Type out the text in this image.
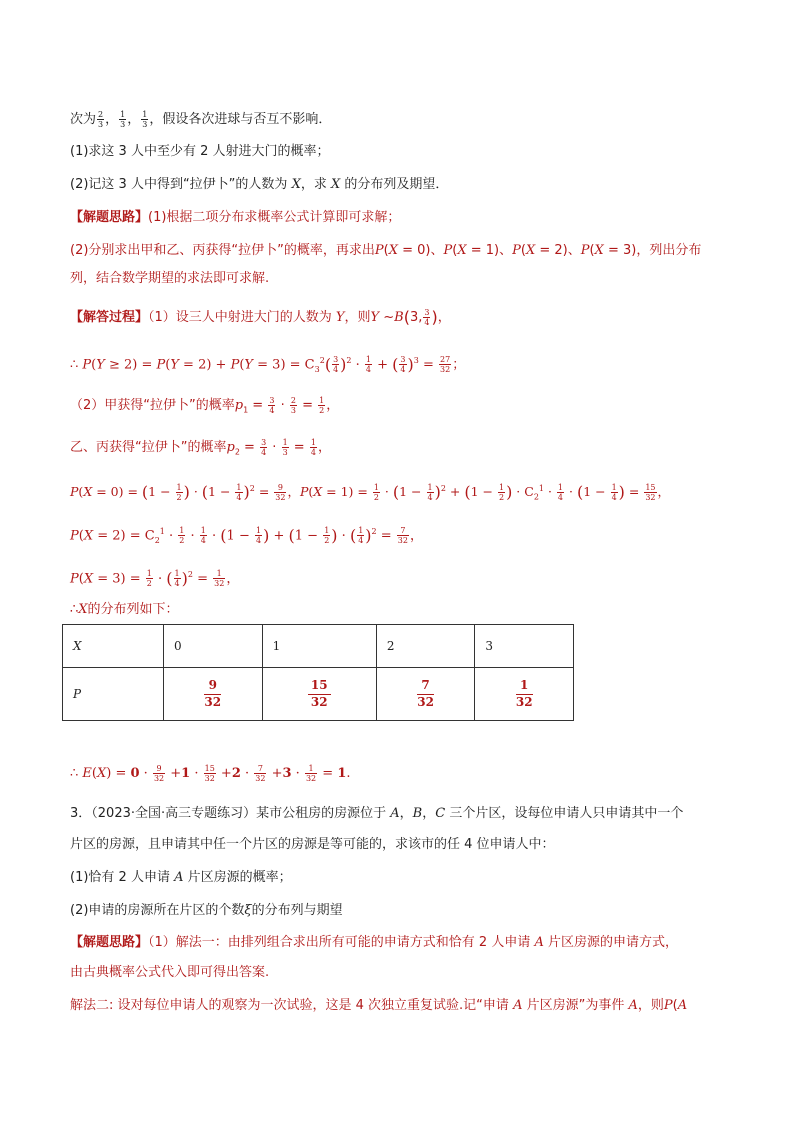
次为 $\frac{2}{3}$ ， $\frac{1}{3}$ ， $\frac{1}{3}$ ，假设各次进球与否互不影响．
(1)求这 3 人中至少有 2 人射进大门的概率；
(2)记这 3 人中得到“拉伊卜”的人数为 X，求 X 的分布列及期望．
【解题思路】(1)根据二项分布求概率公式计算即可求解；
(2)分别求出甲和乙、丙获得“拉伊卜”的概率，再求出P(X = 0)、P(X = 1)、P(X = 2)、P(X = 3)，列出分布
列，结合数学期望的求法即可求解.
【解答过程】（1）设三人中射进大门的人数为 Y，则Y ~B(3, $\frac{3}{4}$ )，
∴ $P(Y \ge 2) = P(Y = 2) + P(Y = 3) = C_3^2( \frac{3}{4} )^2 \cdot \frac{1}{4}$ + ( $\frac{3}{4} )^3 = \frac{27}{32}$ ；
（2）甲获得“拉伊卜”的概率$p_1 = \frac{3}{4} \cdot \frac{2}{3} = \frac{1}{2}$ ，
乙、丙获得“拉伊卜”的概率$p_2 = \frac{3}{4} \cdot \frac{1}{3} = \frac{1}{4}$ ，
$P(X = 0) = (1 - \frac{1}{2}$ ) · $(1 - \frac{1}{4} )^2 = \frac{9}{32}$ ，$P(X = 1) = \frac{1}{2} \cdot (1 - \frac{1}{4} )^2 + (1 - \frac{1}{2}$ ) · $C_2^1 \cdot \frac{1}{4} \cdot (1 - \frac{1}{4}$ ) = $\frac{15}{32}$ ，
$P(X = 2) = C_2^1 \cdot \frac{1}{2} \cdot \frac{1}{4} \cdot (1 - \frac{1}{4}$ ) + ($1 - \frac{1}{2}$ ) · ( $\frac{1}{4} )^2 = \frac{7}{32}$ ，
$P(X = 3) = \frac{1}{2}$ · ( $\frac{1}{4} )^2 = \frac{1}{32}$ ，
∴X的分布列如下：
∴ $E(X) = 0 \cdot \frac{9}{32} +1 \cdot \frac{15}{32} +2 \cdot \frac{7}{32} +3 \cdot \frac{1}{32} = 1$.
3．（2023·全国·高三专题练习）某市公租房的房源位于 A，B，C 三个片区，设每位申请人只申请其中一个
片区的房源，且申请其中任一个片区的房源是等可能的，求该市的任 4 位申请人中：
(1)恰有 2 人申请 A 片区房源的概率；
(2)申请的房源所在片区的个数ξ的分布列与期望
【解题思路】（1）解法一：由排列组合求出所有可能的申请方式和恰有 2 人申请 A 片区房源的申请方式，
由古典概率公式代入即可得出答案.
解法二: 设对每位申请人的观察为一次试验，这是 4 次独立重复试验.记“申请 A 片区房源”为事件 A，则P(A
X	0	1	2	3
P	$\frac{9}{32}$	$\frac{15}{32}$	$\frac{7}{32}$	$\frac{1}{32}$
